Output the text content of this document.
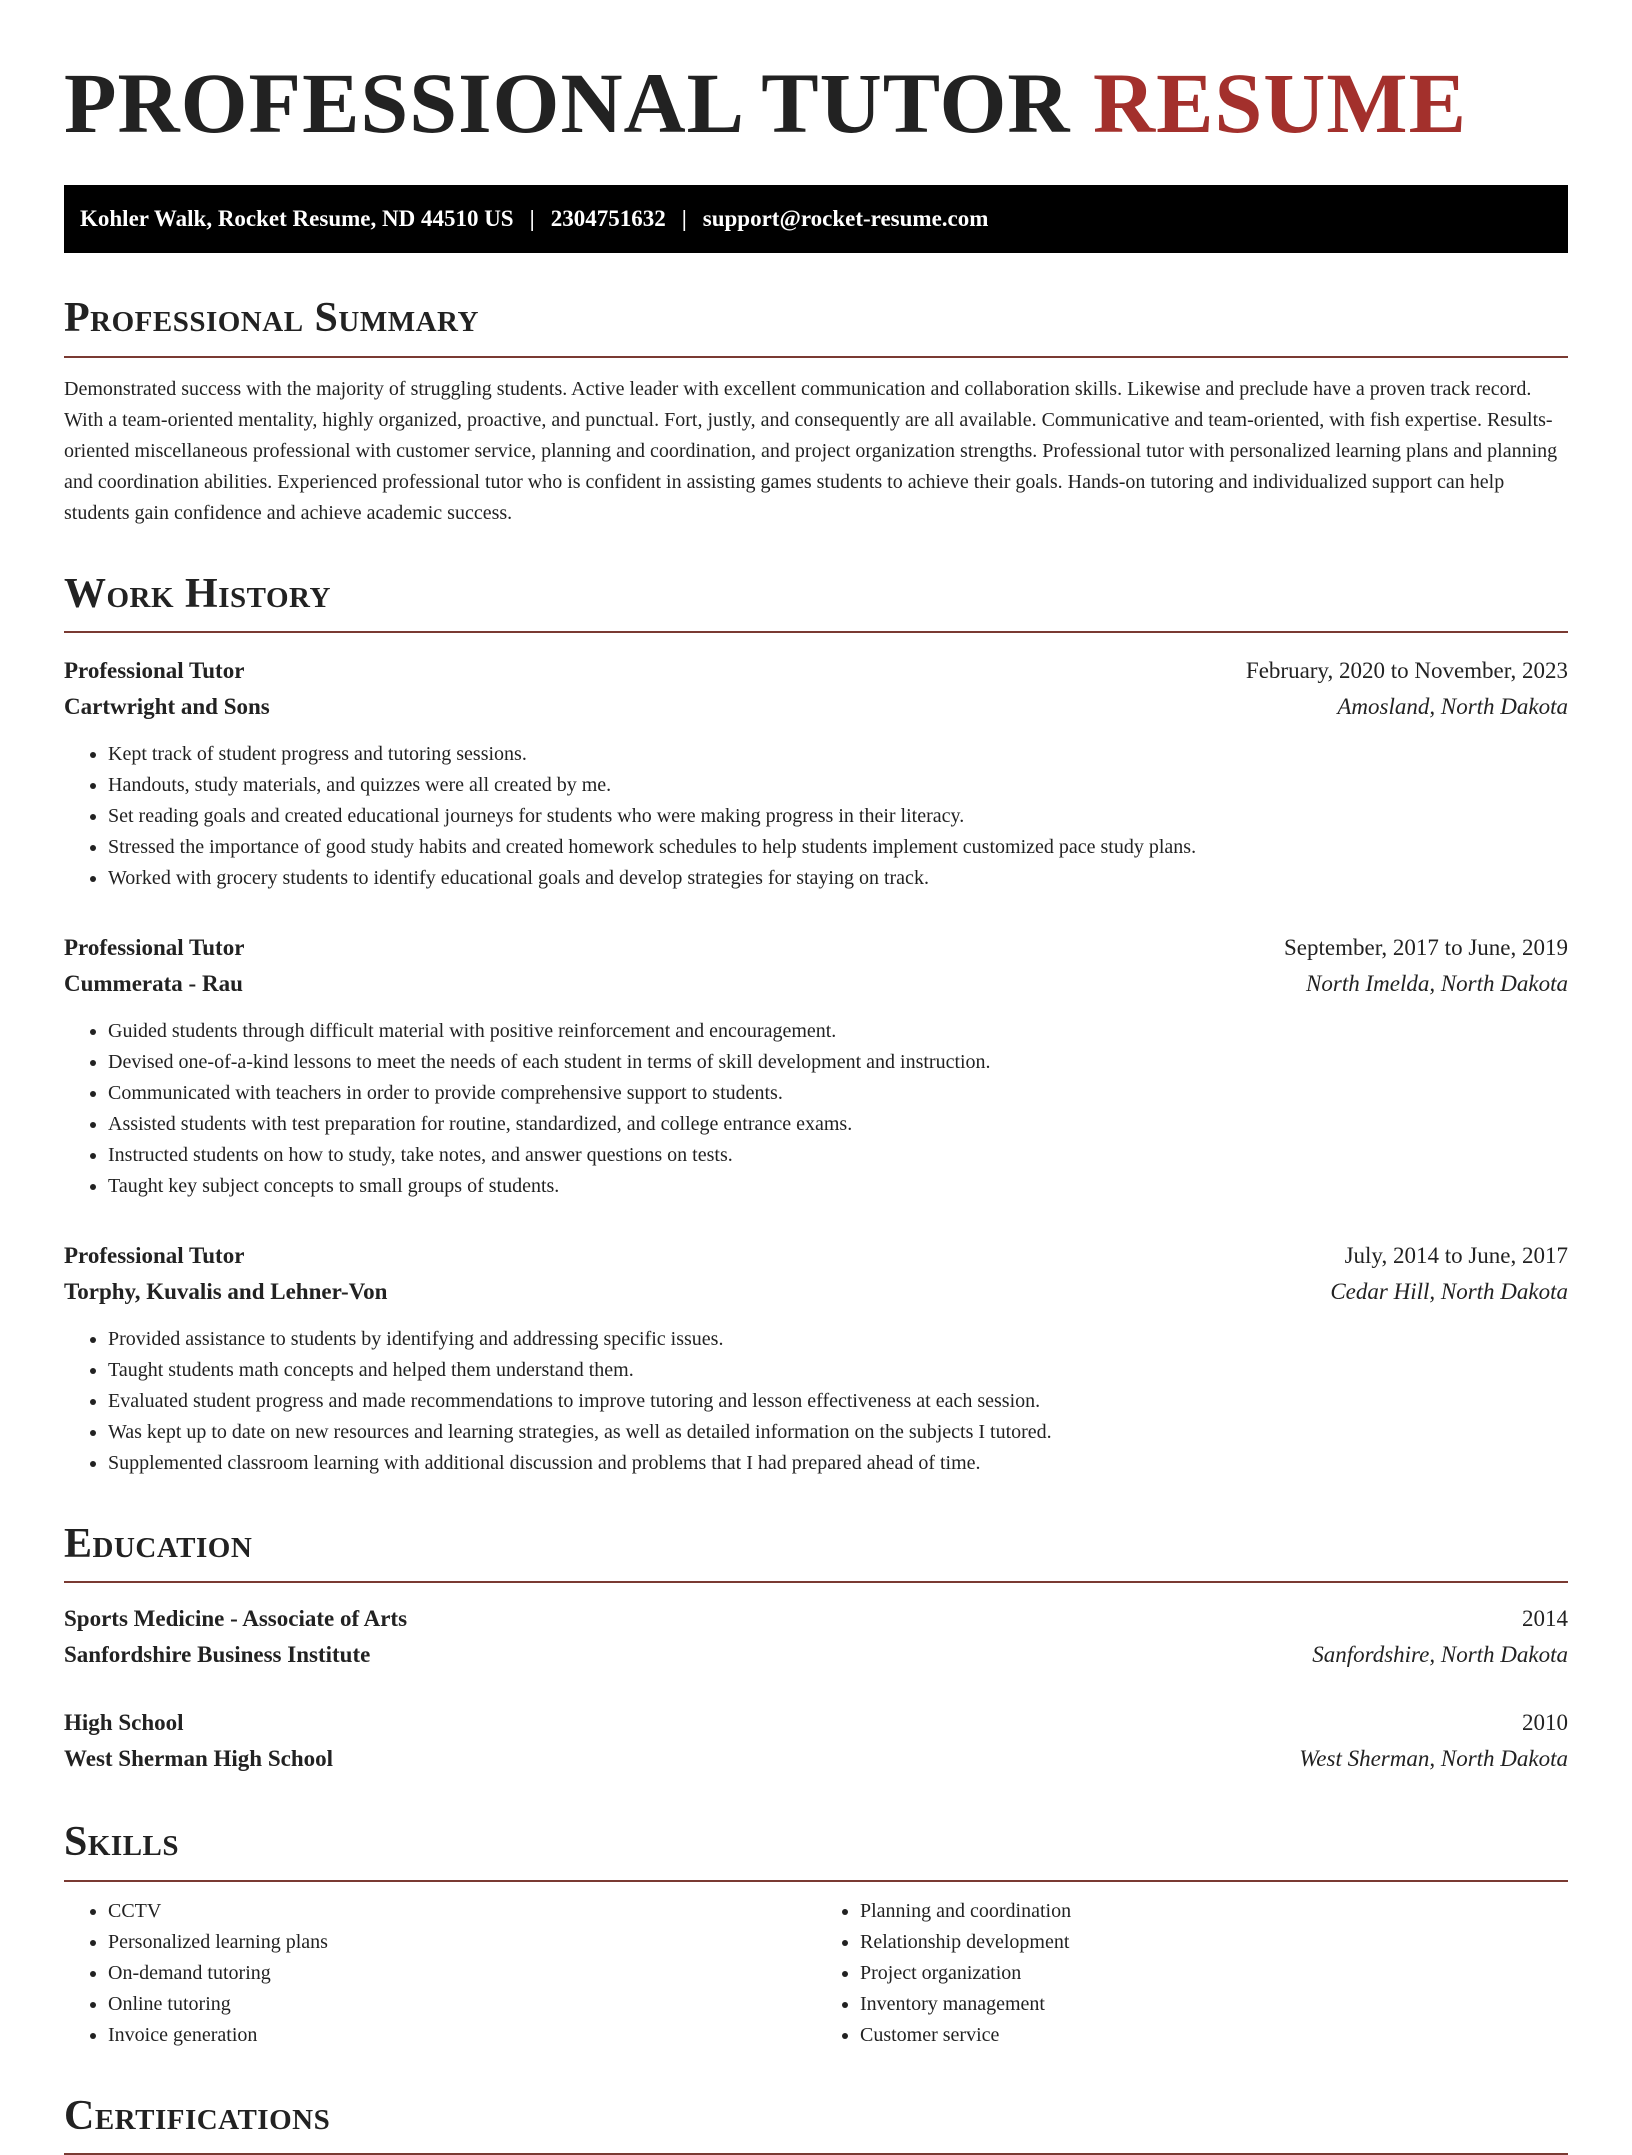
PROFESSIONAL TUTOR RESUME
Kohler Walk, Rocket Resume, ND 44510 US | 2304751632 | support@rocket-resume.com
Professional Summary

Demonstrated success with the majority of struggling students. Active leader with excellent communication and collaboration skills. Likewise and preclude have a proven track record. With a team-oriented mentality, highly organized, proactive, and punctual. Fort, justly, and consequently are all available. Communicative and team-oriented, with fish expertise. Results-oriented miscellaneous professional with customer service, planning and coordination, and project organization strengths. Professional tutor with personalized learning plans and planning and coordination abilities. Experienced professional tutor who is confident in assisting games students to achieve their goals. Hands-on tutoring and individualized support can help students gain confidence and achieve academic success.

Work History
Professional Tutor	February, 2020 to November, 2023
Cartwright and Sons	Amosland, North Dakota
• Kept track of student progress and tutoring sessions.
• Handouts, study materials, and quizzes were all created by me.
• Set reading goals and created educational journeys for students who were making progress in their literacy.
• Stressed the importance of good study habits and created homework schedules to help students implement customized pace study plans.
• Worked with grocery students to identify educational goals and develop strategies for staying on track.
Professional Tutor	September, 2017 to June, 2019
Cummerata - Rau	North Imelda, North Dakota
• Guided students through difficult material with positive reinforcement and encouragement.
• Devised one-of-a-kind lessons to meet the needs of each student in terms of skill development and instruction.
• Communicated with teachers in order to provide comprehensive support to students.
• Assisted students with test preparation for routine, standardized, and college entrance exams.
• Instructed students on how to study, take notes, and answer questions on tests.
• Taught key subject concepts to small groups of students.
Professional Tutor	July, 2014 to June, 2017
Torphy, Kuvalis and Lehner-Von	Cedar Hill, North Dakota
• Provided assistance to students by identifying and addressing specific issues.
• Taught students math concepts and helped them understand them.
• Evaluated student progress and made recommendations to improve tutoring and lesson effectiveness at each session.
• Was kept up to date on new resources and learning strategies, as well as detailed information on the subjects I tutored.
• Supplemented classroom learning with additional discussion and problems that I had prepared ahead of time.
Education
Sports Medicine - Associate of Arts	2014
Sanfordshire Business Institute	Sanfordshire, North Dakota
High School	2010
West Sherman High School	West Sherman, North Dakota
Skills
• CCTV
• Personalized learning plans
• On-demand tutoring
• Online tutoring
• Invoice generation
• Planning and coordination
• Relationship development
• Project organization
• Inventory management
• Customer service
Certifications
